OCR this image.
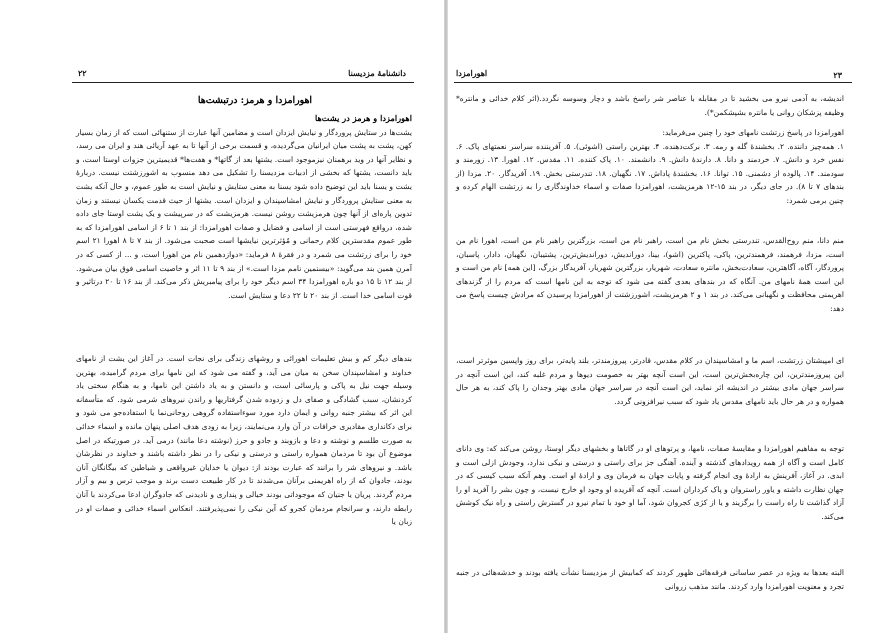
۲۲	دانشنامهٔ مزدیسنا
اهورامزدا و هرمز: درتبشت‌ها

اهورامزدا و هرمز در یشت‌ها

یشت‌ها در ستایش پروردگار و نیایش ایزدان است و مضامین آنها عبارت از ستنهائی است که از زمان بسیار کهن، پشت به پشت میان ایرانیان می‌گردیده، و قسمت برخی از آنها تا به عهد آریائی هند و ایران می رسد، و نظایر آنها در وید برهمنان نیزموجود است. یشتها بعد از گاتها* و هفت‌ها* قدیمیترین جزوات اوستا است، و باید دانست، یشتها که بخشی از ادبیات مزدیسنا را تشکیل می دهد منسوب به اشورزشتت نیست. دربارهٔ یشت و یسنا باید این توضیح داده شود یسنا به معنی ستایش و نیایش است به طور عموم، و حال آنکه یشت به معنی ستایش پروردگار و نیایش امشاسپندان و ایزدان است. یشتها از حیث قدمت یکسان نیستند و زمان تدوین پاره‌ای از آنها چون هرمزیشت روشن نیست. هرمزیشت که در سرپیشت و یک یشت اوستا جای داده شده، درواقع فهرستی است از اسامی و فضایل و صفات اهورامزدا: از بند ۱ تا ۶ از اسامی اهورامزدا که به طور عموم مقدسترین کلام رحمانی و مُؤثرترین نیایشها است صحبت می‌شود. از بند ۷ تا ۸ اهورا ۲۱ اسم خود را برای زرتشت می شمرد و در فقرهٔ ۸ فرماید: «دوازدهمین نام من اهورا است، و ... از کسی که در آمرن همین بند می‌گوید: «بیستمین نامم مزدا است.» از بند ۹ تا ۱۱ اثر و خاصیت اسامی فوق بیان می‌شود. از بند ۱۲ تا ۱۵ دو باره اهورامزدا ۳۴ اسم دیگر خود را برای پیامبریش ذکر می‌کند. از بند ۱۶ تا ۲۰ درتاثیر و قوت اسامی خدا است. از بند ۲۰ تا ۲۲ دعا و ستایش است.

بندهای دیگر کم و بیش تعلیمات اهورائی و روشهای زندگی برای نجات است. در آغاز این یشت از نامهای خداوند و امشاسپندان سخن به میان می آید، و گفته می شود که این نامها برای مردم گرامیده، بهترین وسیله جهت نیل به پاکی و پارسائی است، و دانستن و به یاد داشتن این نامها، و به هنگام سختی یاد کردنشان، سبب گشادگی و صفای دل و زدوده شدن گرفتاریها و راندن نیروهای شرمی شود. که متأسفانه این اثر که بیشتر جنبه روانی و ایمان دارد مورد سوءاستفاده گروهی روحانی‌نما یا استفاده‌جو می شود و برای دکانداری مقادیری خرافات در آن وارد می‌نمایند، زیرا به زودی هدف اصلی پنهان مانده و اسماء خدائی به صورت طلسم و نوشته و دعا و بازوبند و جادو و حرز (نوشته دعا مانند) درمی آید. در صورتیکه در اصل موضوع آن بود تا مردمان همواره راستی و درستی و نیکی را در نظر داشته باشند و خداوند در نظرشان باشد. و نیروهای شر را برانند که عبارت بودند از: دیوان یا خدایان غیرواقعی و شیاطین که بیگانگان آنان بودند، جادوان که از راه اهریمنی برآنان می‌شدند تا در کار طبیعت دست برند و موجب ترس و بیم و آزار مردم گردند. پریان یا جنیان که موجوداتی بودند خیالی و پنداری و نادیدنی که جادوگران ادعا می‌کردند با آنان رابطه دارند، و سرانجام مردمان کجرو که آین نیکی را نمی‌پذیرفتند. انعکاس اسماء خدائی و صفات او در زبان یا

۲۳
اهورامزدا

اندیشه، به آدمی نیرو می بخشید تا در مقابله با عناصر شر راسخ باشد و دچار وسوسه نگردد.(اثر کلام خدائی و مانتره* وظیفه پزشکان روانی یا مانتره بشپشکمن*).

اهورامزدا در پاسخ زرتشت نامهای خود را چنین می‌فرماید:
۱. همه‌چیز داننده. ۲. بخشندهٔ گله و رمه. ۳. برکت‌دهنده. ۴. بهترین راستی (اشوئی). ۵. آفریننده سراسر نعمتهای پاک. ۶. نفس خرد و دانش. ۷. خردمند و دانا. ۸. دارندهٔ دانش. ۹. دانشمند. ۱۰. پاک کننده. ۱۱. مقدس. ۱۲. اهورا. ۱۳. زورمند و سودمند. ۱۴. پالوده از دشمنی. ۱۵. توانا. ۱۶. بخشندهٔ پاداش. ۱۷. نگهبان. ۱۸. تندرستی بخش. ۱۹. آفریدگار. ۲۰. مزدا (از بندهای ۷ تا ۸). در جای دیگر، در بند ۱۵-۱۲ هرمزیشت، اهورامزدا صفات و اسماء خداوندگاری را به زرتشت الهام کرده و چنین برمی شمرد:

منم دانا، منم روح‌القدس، تندرستی بخش نام من است، راهبر نام من است، بزرگترین راهبر نام من است، اهورا نام من است، مزدا، فرهمند، فرهمندترین، پاکی، پاکترین (اشو)، بینا، دوراندیش، دوراندیش‌ترین، پشتیبان، نگهبان، دادار، پاسبان، پروردگار، آگاه، آگاهترین، سعادت‌بخش، مانتره سعادت، شهریار، بزرگترین شهریار، آفریدگار بزرگ، [این همه] نام من است و این است همهٔ نامهای من. آنگاه که در بندهای بعدی گفته می شود که توجه به این نامها است که مردم را از گزندهای اهریمنی محافظت و نگهبانی می‌کند. در بند ۱ و ۲ هرمزیشت، اشورزشتت از اهورامزدا پرسیدن که مرادش چیست پاسخ می دهد:

ای امپیشتان زرتشت، اسم ما و امشاسپندان در کلام مقدس، قادرتر، پیروزمندتر، بلند پایه‌تر، برای روز واپسین موثرتر است، این پیروزمندترین، این چاره‌بخش‌ترین است، این است آنچه بهتر به خصومت دیوها و مردم غلبه کند، این است آنچه در سراسر جهان مادی بیشتر در اندیشه اثر نماید، این است آنچه در سراسر جهان مادی بهتر وجدان را پاک کند، به هر حال همواره و در هر حال باید نامهای مقدس یاد شود که سبب نیرافزونی گردد.

توجه به مفاهیم اهورامزدا و مقایسهٔ صفات، نامها، و پرتوهای او در گاتاها و بخشهای دیگر اوستا، روشن می‌کند که: وی دانای کامل است و آگاه از همه رویدادهای گذشته و آینده. آهنگی جز برای راستی و درستی و نیکی ندارد، وجودش ازلی است و ابدی. در آغاز، آفرینش به ارادهٔ وی انجام گرفته و پایات جهان به فرمان وی و ارادهٔ او است. وهم آنکه سبب کیسی که در جهان نظارت داشته و یاور راستروان و پاک کرداران است. آنچه که آفریده او وجود او خارج نیست، و چون بشر را آفرید او را آزاد گذاشت تا راه راست را برگزیند و یا از کژی کجروان شود، آما او خود با تمام نیرو در گسترش راستی و راه نیک کوشش می‌کند.

البته بعدها به ویژه در عصر ساسانی فرقه‌هائی ظهور کردند که کمابیش از مزدیسنا نشأت یافته بودند و خدشه‌هائی در جنبه تجرد و معنویت اهورامزدا وارد کردند. مانند مذهب زروانی
